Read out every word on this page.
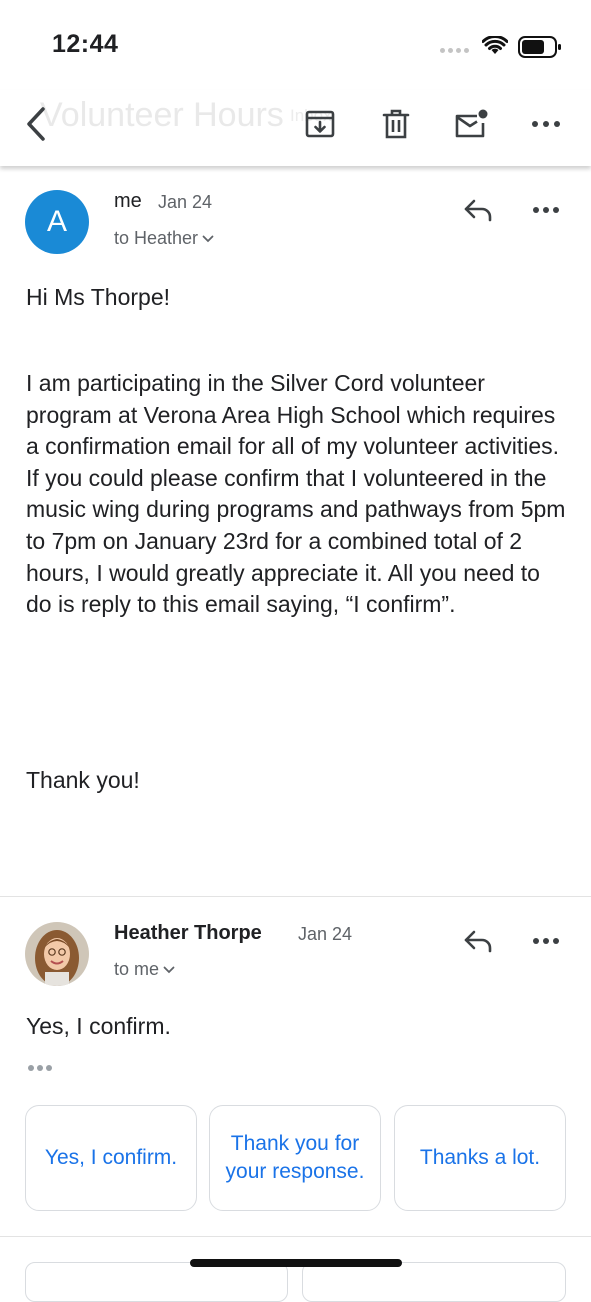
12:44
Volunteer Hours Inbox
A
me Jan 24
to Heather
Hi Ms Thorpe!
I am participating in the Silver Cord volunteer program at Verona Area High School which requires a confirmation email for all of my volunteer activities. If you could please confirm that I volunteered in the music wing during programs and pathways from 5pm to 7pm on January 23rd for a combined total of 2 hours, I would greatly appreciate it. All you need to do is reply to this email saying, “I confirm”.
Thank you!
Heather Thorpe Jan 24
to me
Yes, I confirm.
Yes, I confirm.
Thank you for your response.
Thanks a lot.
